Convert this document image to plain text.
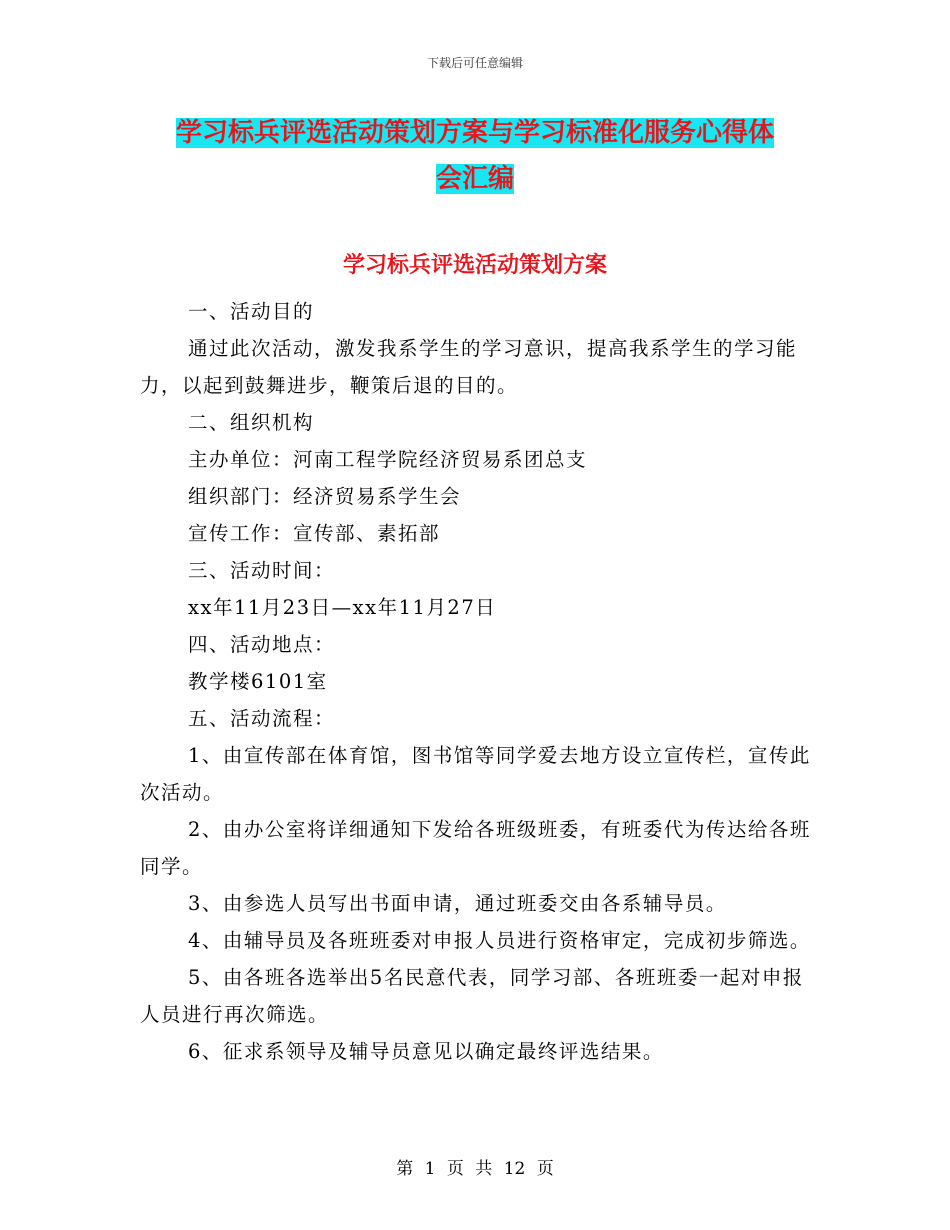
下载后可任意编辑
学习标兵评选活动策划方案与学习标准化服务心得体
会汇编
学习标兵评选活动策划方案

一、活动目的

通过此次活动，激发我系学生的学习意识，提高我系学生的学习能力，以起到鼓舞进步，鞭策后退的目的。

二、组织机构

主办单位：河南工程学院经济贸易系团总支

组织部门：经济贸易系学生会

宣传工作：宣传部、素拓部

三、活动时间：

xx年11月23日—xx年11月27日

四、活动地点：

教学楼6101室

五、活动流程：

1、由宣传部在体育馆，图书馆等同学爱去地方设立宣传栏，宣传此次活动。

2、由办公室将详细通知下发给各班级班委，有班委代为传达给各班同学。

3、由参选人员写出书面申请，通过班委交由各系辅导员。

4、由辅导员及各班班委对申报人员进行资格审定，完成初步筛选。

5、由各班各选举出5名民意代表，同学习部、各班班委一起对申报人员进行再次筛选。

6、征求系领导及辅导员意见以确定最终评选结果。

第 1 页 共 12 页
